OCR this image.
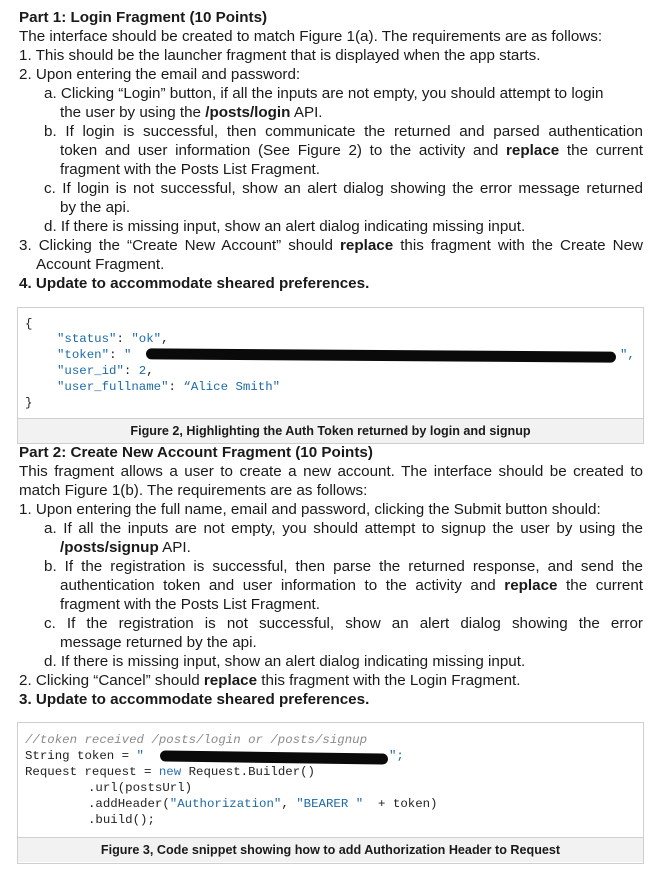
Part 1: Login Fragment (10 Points)
The interface should be created to match Figure 1(a). The requirements are as follows:
1. This should be the launcher fragment that is displayed when the app starts.
2. Upon entering the email and password:
a. Clicking “Login” button, if all the inputs are not empty, you should attempt to login
the user by using the /posts/login API.
b. If login is successful, then communicate the returned and parsed authentication
token and user information (See Figure 2) to the activity and replace the current
fragment with the Posts List Fragment.
c. If login is not successful, show an alert dialog showing the error message returned
by the api.
d. If there is missing input, show an alert dialog indicating missing input.
3. Clicking the “Create New Account” should replace this fragment with the Create New
Account Fragment.
4. Update to accommodate sheared preferences.
{
"status": "ok",
"token": "	",
"user_id": 2,
"user_fullname": “Alice Smith"
}
Figure 2, Highlighting the Auth Token returned by login and signup
Part 2: Create New Account Fragment (10 Points)
This fragment allows a user to create a new account. The interface should be created to
match Figure 1(b). The requirements are as follows:
1. Upon entering the full name, email and password, clicking the Submit button should:
a. If all the inputs are not empty, you should attempt to signup the user by using the
/posts/signup API.
b. If the registration is successful, then parse the returned response, and send the
authentication token and user information to the activity and replace the current
fragment with the Posts List Fragment.
c. If the registration is not successful, show an alert dialog showing the error
message returned by the api.
d. If there is missing input, show an alert dialog indicating missing input.
2. Clicking “Cancel” should replace this fragment with the Login Fragment.
3. Update to accommodate sheared preferences.
//token received /posts/login or /posts/signup
String token = "	";
Request request = new Request.Builder()
.url(postsUrl)
.addHeader("Authorization", "BEARER "  + token)
.build();
Figure 3, Code snippet showing how to add Authorization Header to Request
